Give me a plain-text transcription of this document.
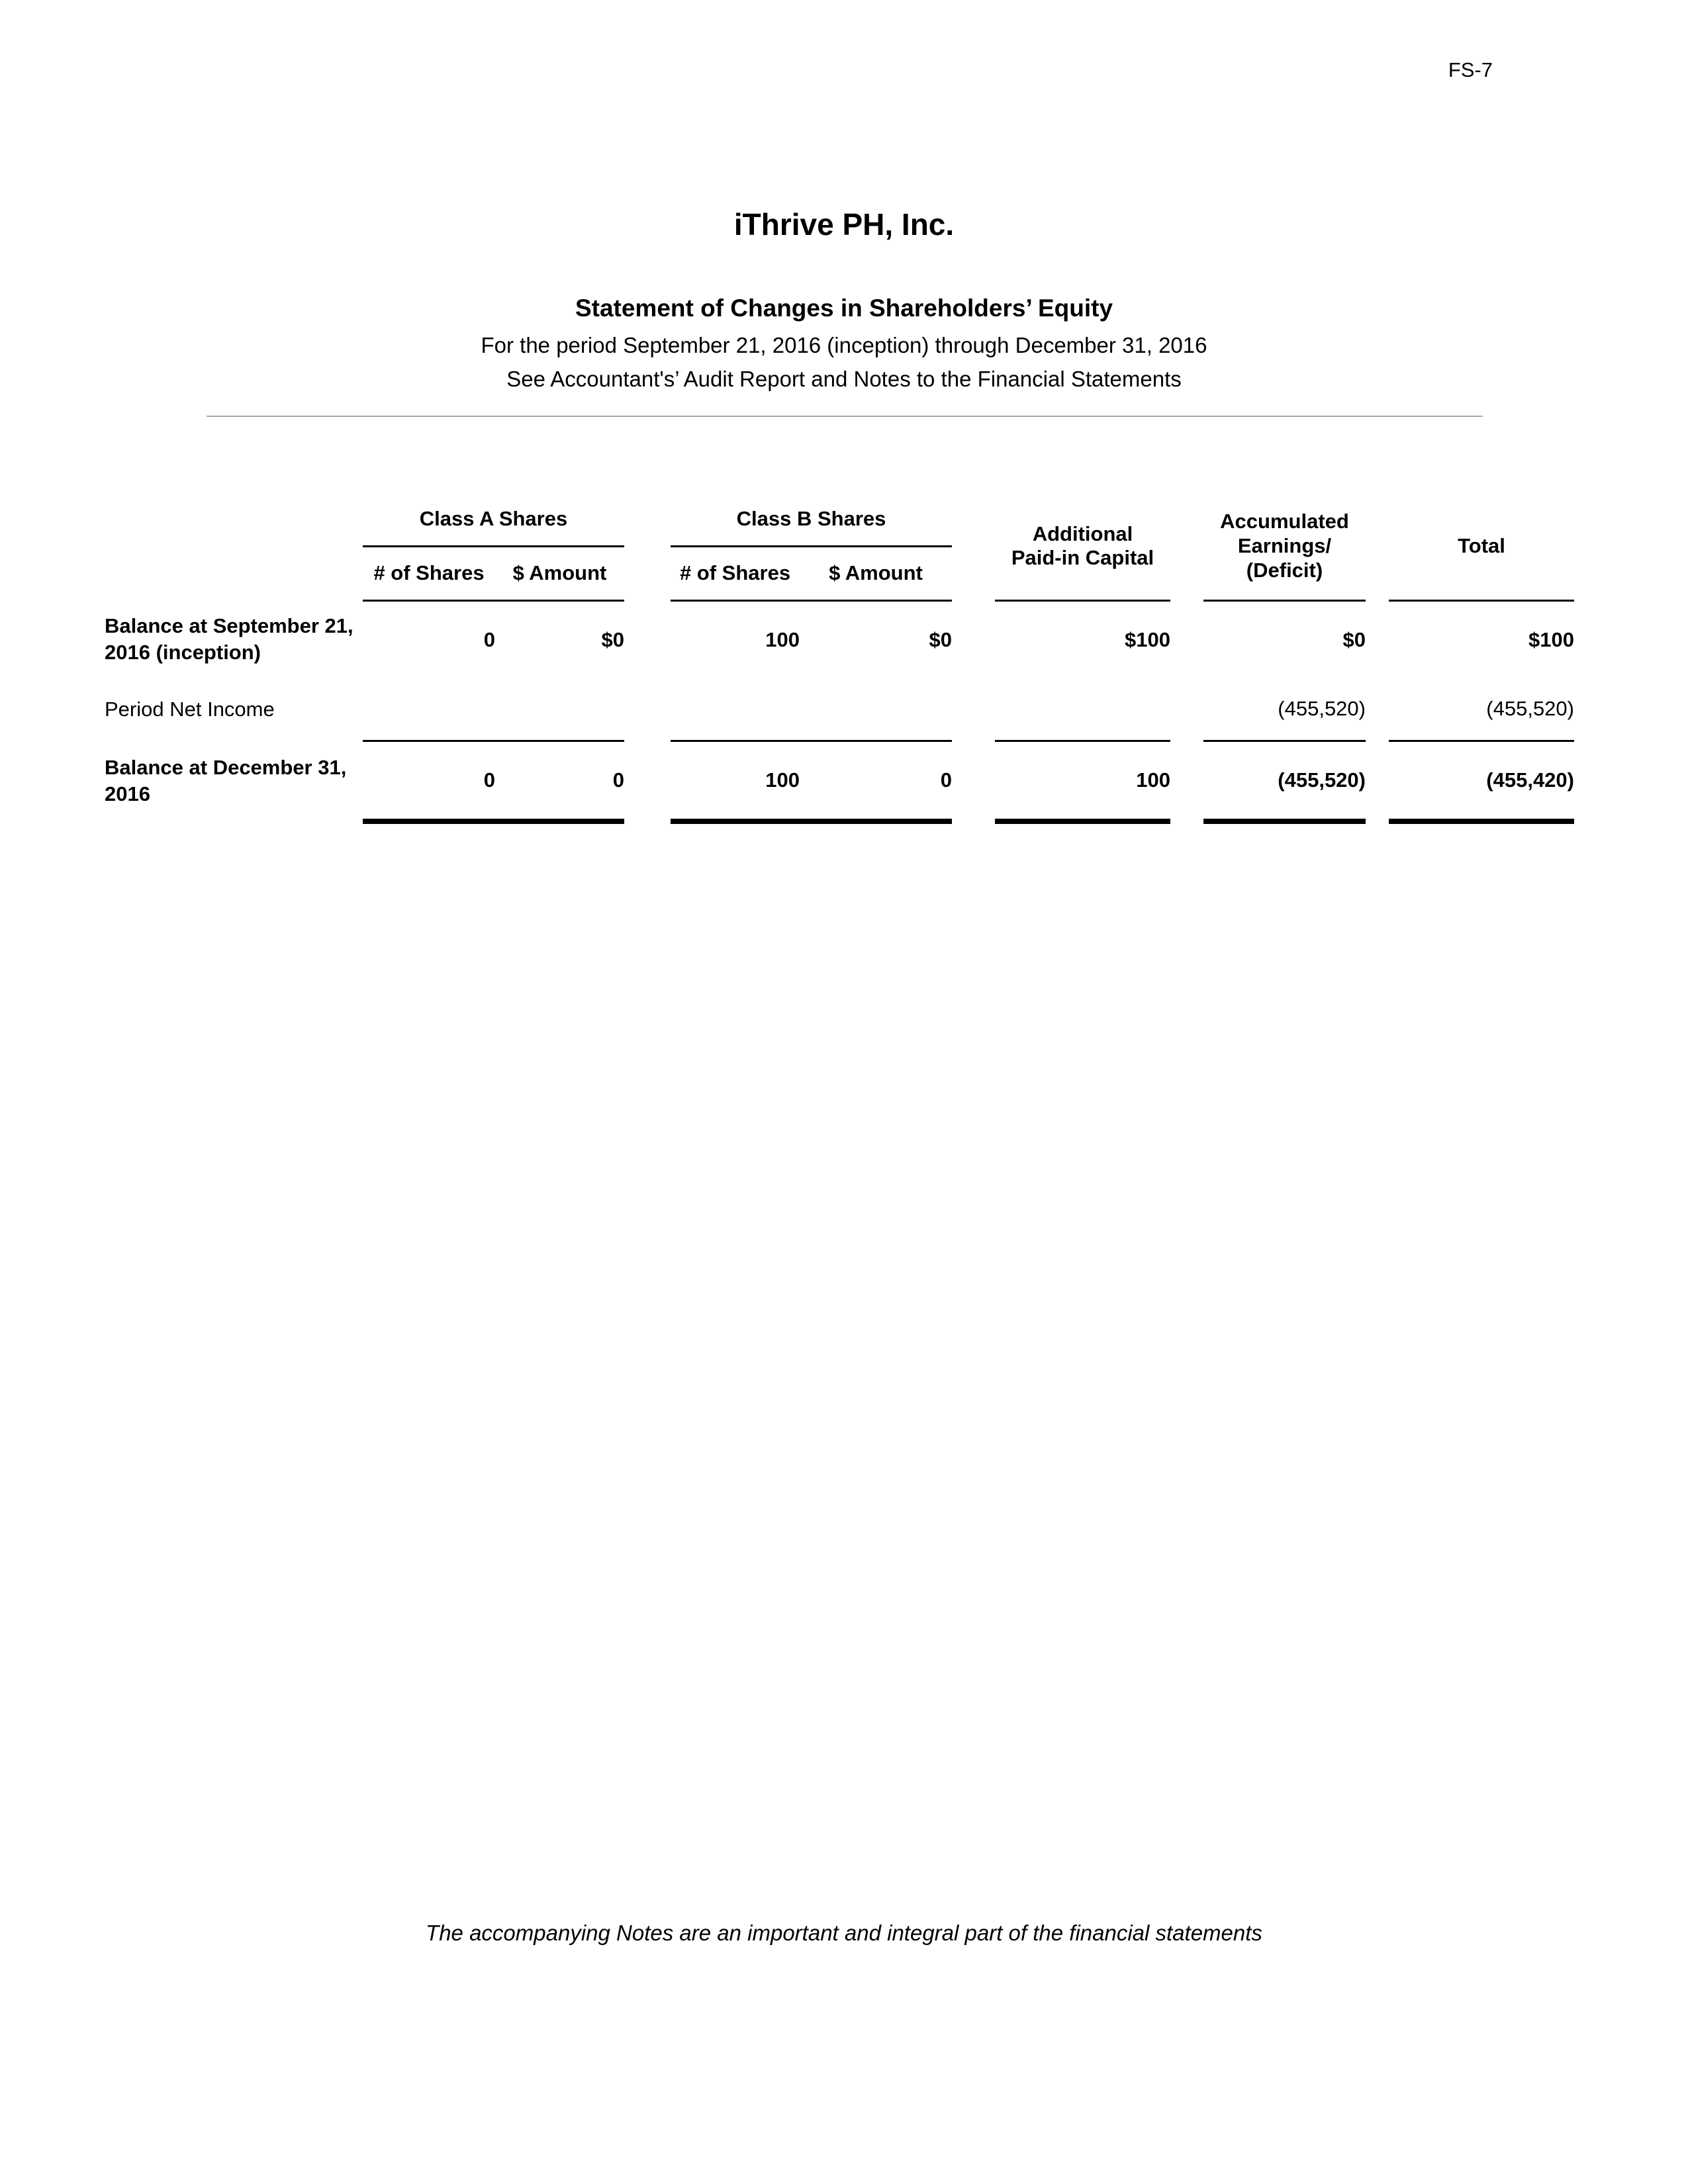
FS-7
iThrive PH, Inc.
Statement of Changes in Shareholders’ Equity
For the period September 21, 2016 (inception) through December 31, 2016
See Accountant's’ Audit Report and Notes to the Financial Statements
	Class A Shares			Class B Shares			Additional
Paid-in Capital		Accumulated
Earnings/
(Deficit)		Total

	# of Shares	$ Amount		# of Shares	$ Amount						
Balance at September 21, 2016 (inception)	0	$0		100	$0		$100		$0		$100
Period Net Income									(455,520)		(455,520)
Balance at December 31, 2016	0	0		100	0		100		(455,520)		(455,420)
The accompanying Notes are an important and integral part of the financial statements
